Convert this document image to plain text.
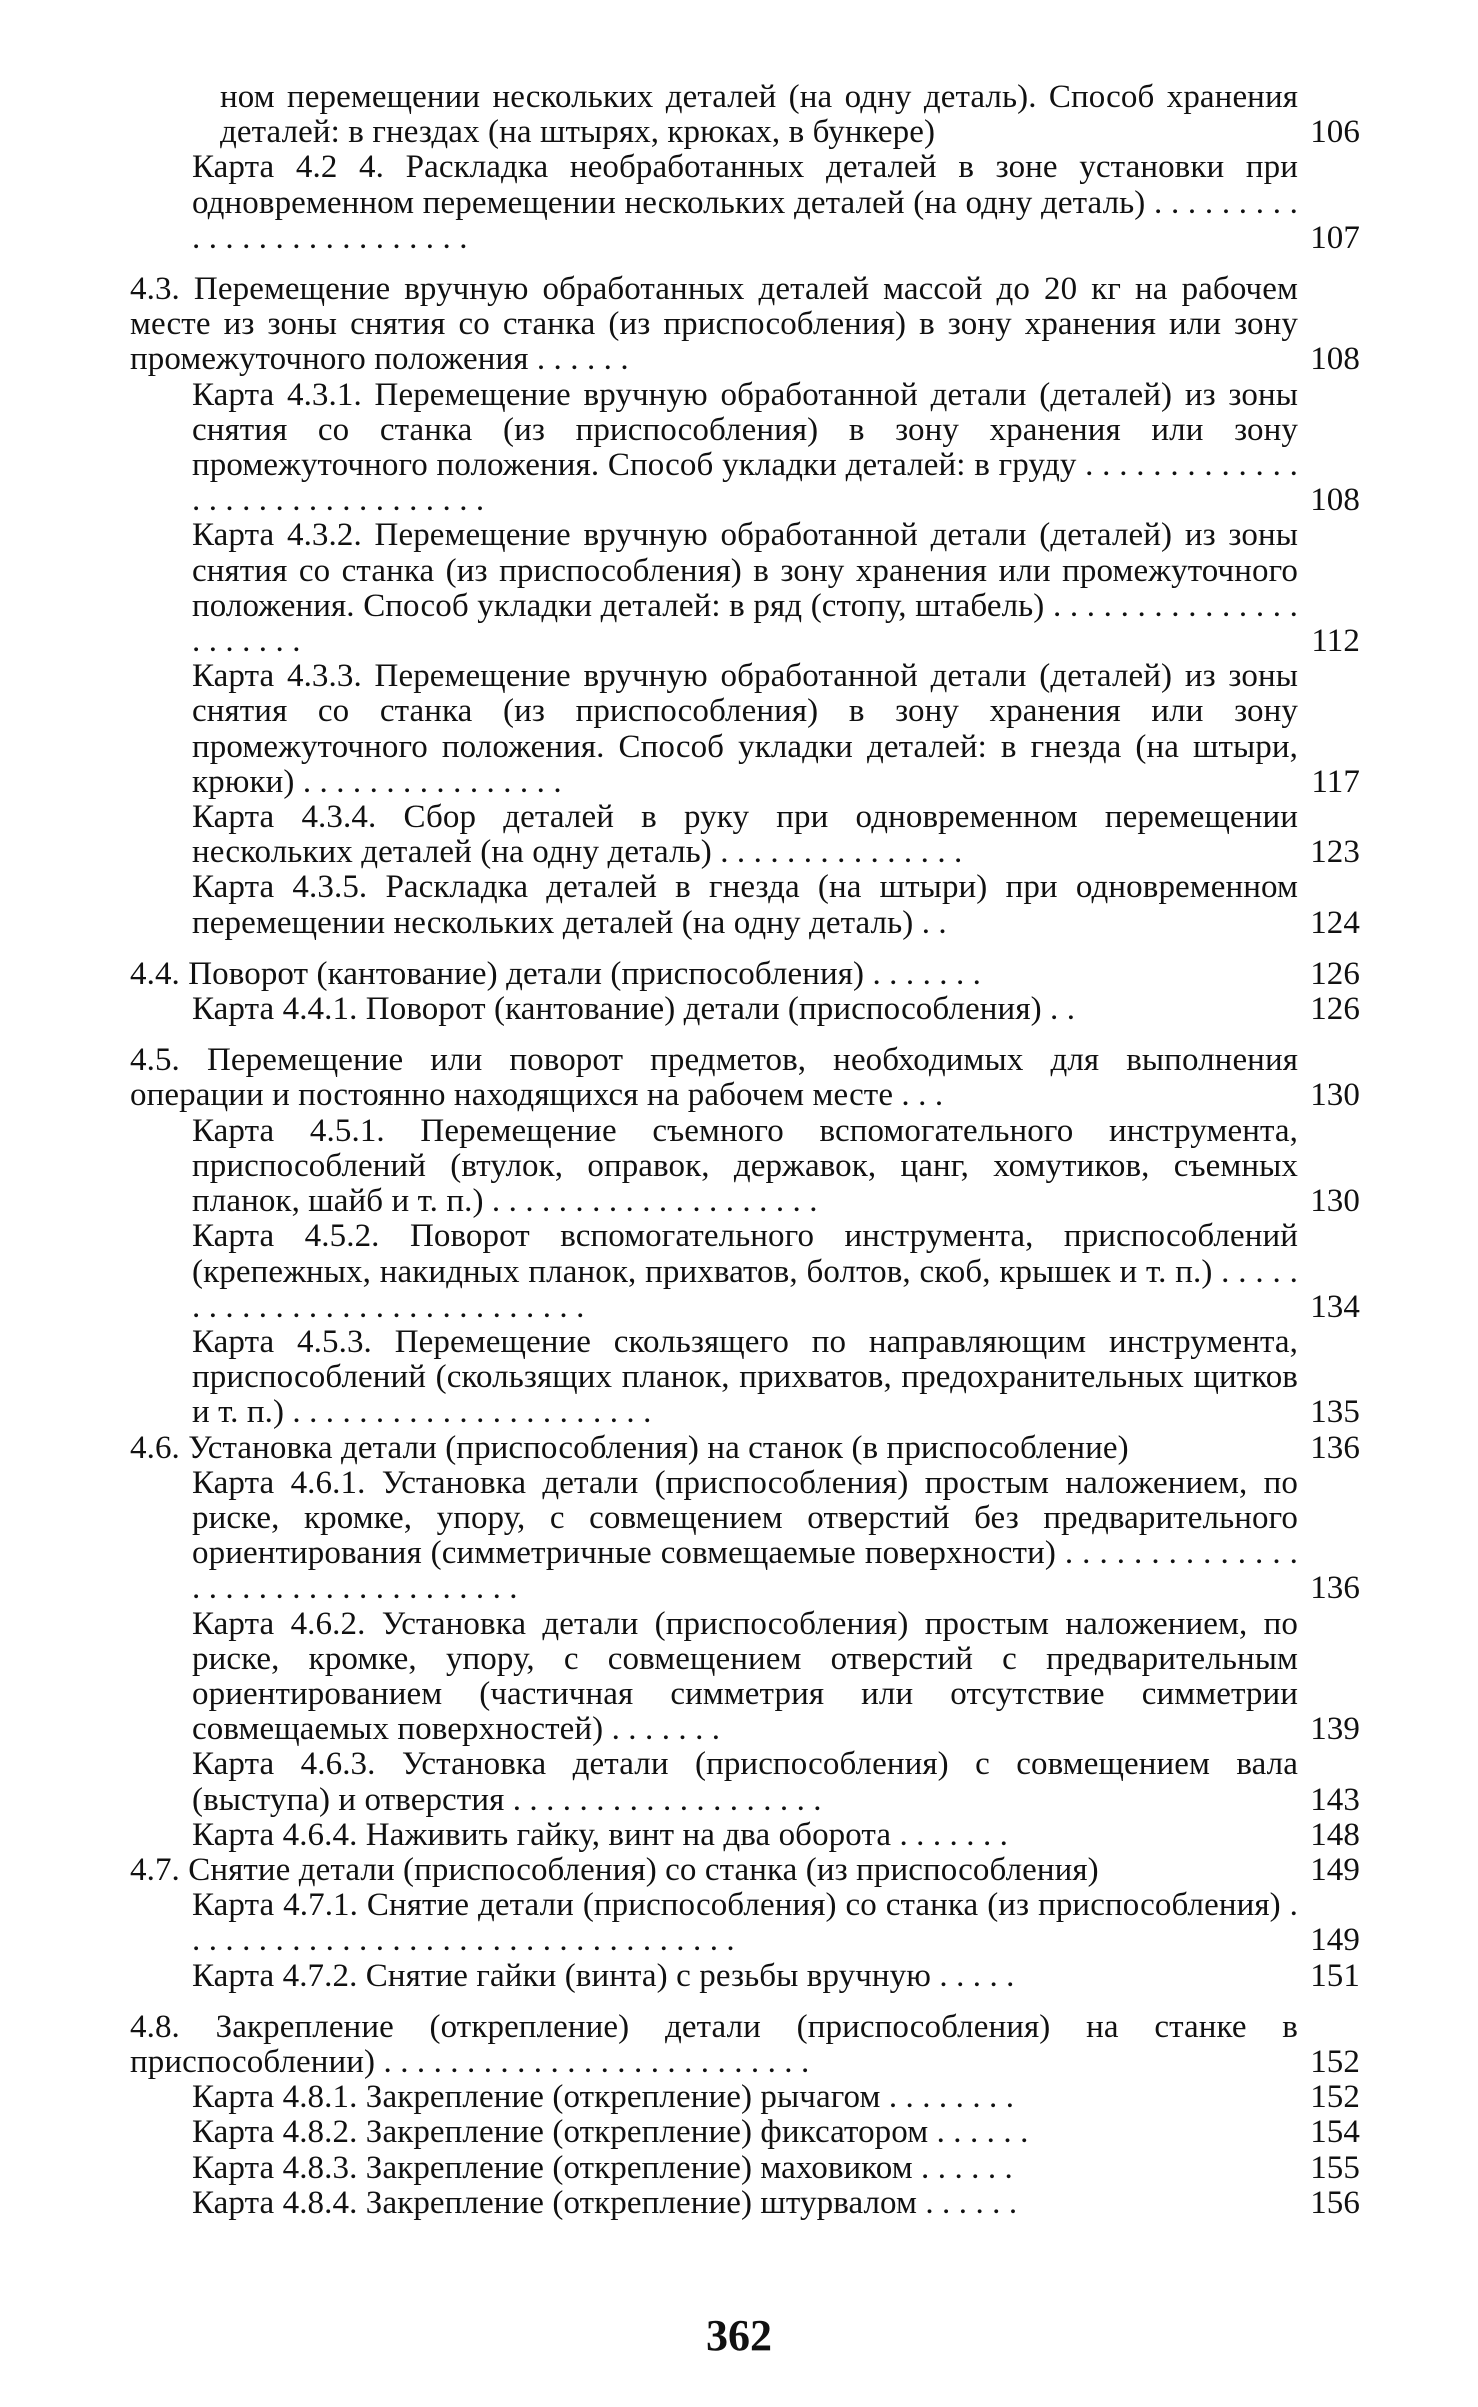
ном перемещении нескольких деталей (на одну деталь). Способ хранения деталей: в гнездах (на штырях, крюках, в бункере)	106
Карта 4.2 4. Раскладка необработанных деталей в зоне установки при одновременном перемещении нескольких деталей (на одну деталь) . . . . . . . . . . . . . . . . . . . . . . . . . .	107
4.3. Перемещение вручную обработанных деталей массой до 20 кг на рабочем месте из зоны снятия со станка (из приспособления) в зону хранения или зону промежуточного положения . . . . . .	108
Карта 4.3.1. Перемещение вручную обработанной детали (деталей) из зоны снятия со станка (из приспособления) в зону хранения или зону промежуточного положения. Способ укладки деталей: в груду . . . . . . . . . . . . . . . . . . . . . . . . . . . . . . .	108
Карта 4.3.2. Перемещение вручную обработанной детали (деталей) из зоны снятия со станка (из приспособления) в зону хранения или промежуточного положения. Способ укладки деталей: в ряд (стопу, штабель) . . . . . . . . . . . . . . . . . . . . . .	112
Карта 4.3.3. Перемещение вручную обработанной детали (деталей) из зоны снятия со станка (из приспособления) в зону хранения или зону промежуточного положения. Способ укладки деталей: в гнезда (на штыри, крюки) . . . . . . . . . . . . . . . .	117
Карта 4.3.4. Сбор деталей в руку при одновременном перемещении нескольких деталей (на одну деталь) . . . . . . . . . . . . . . .	123
Карта 4.3.5. Раскладка деталей в гнезда (на штыри) при одновременном перемещении нескольких деталей (на одну деталь) . .	124
4.4. Поворот (кантование) детали (приспособления) . . . . . . .	126
Карта 4.4.1. Поворот (кантование) детали (приспособления) . .	126
4.5. Перемещение или поворот предметов, необходимых для выполнения операции и постоянно находящихся на рабочем месте . . .	130
Карта 4.5.1. Перемещение съемного вспомогательного инструмента, приспособлений (втулок, оправок, державок, цанг, хомутиков, съемных планок, шайб и т. п.) . . . . . . . . . . . . . . . . . . . .	130
Карта 4.5.2. Поворот вспомогательного инструмента, приспособлений (крепежных, накидных планок, прихватов, болтов, скоб, крышек и т. п.) . . . . . . . . . . . . . . . . . . . . . . . . . . . . .	134
Карта 4.5.3. Перемещение скользящего по направляющим инструмента, приспособлений (скользящих планок, прихватов, предохранительных щитков и т. п.) . . . . . . . . . . . . . . . . . . . . . .	135
4.6. Установка детали (приспособления) на станок (в приспособление)	136
Карта 4.6.1. Установка детали (приспособления) простым наложением, по риске, кромке, упору, с совмещением отверстий без предварительного ориентирования (симметричные совмещаемые поверхности) . . . . . . . . . . . . . . . . . . . . . . . . . . . . . . . . . .	136
Карта 4.6.2. Установка детали (приспособления) простым наложением, по риске, кромке, упору, с совмещением отверстий с предварительным ориентированием (частичная симметрия или отсутствие симметрии совмещаемых поверхностей) . . . . . . .	139
Карта 4.6.3. Установка детали (приспособления) с совмещением вала (выступа) и отверстия . . . . . . . . . . . . . . . . . . .	143
Карта 4.6.4. Наживить гайку, винт на два оборота . . . . . . .	148
4.7. Снятие детали (приспособления) со станка (из приспособления)	149
Карта 4.7.1. Снятие детали (приспособления) со станка (из приспособления) . . . . . . . . . . . . . . . . . . . . . . . . . . . . . . . . . .	149
Карта 4.7.2. Снятие гайки (винта) с резьбы вручную . . . . .	151
4.8. Закрепление (открепление) детали (приспособления) на станке в приспособлении) . . . . . . . . . . . . . . . . . . . . . . . . . .	152
Карта 4.8.1. Закрепление (открепление) рычагом . . . . . . . .	152
Карта 4.8.2. Закрепление (открепление) фиксатором . . . . . .	154
Карта 4.8.3. Закрепление (открепление) маховиком . . . . . .	155
Карта 4.8.4. Закрепление (открепление) штурвалом . . . . . .	156
362
